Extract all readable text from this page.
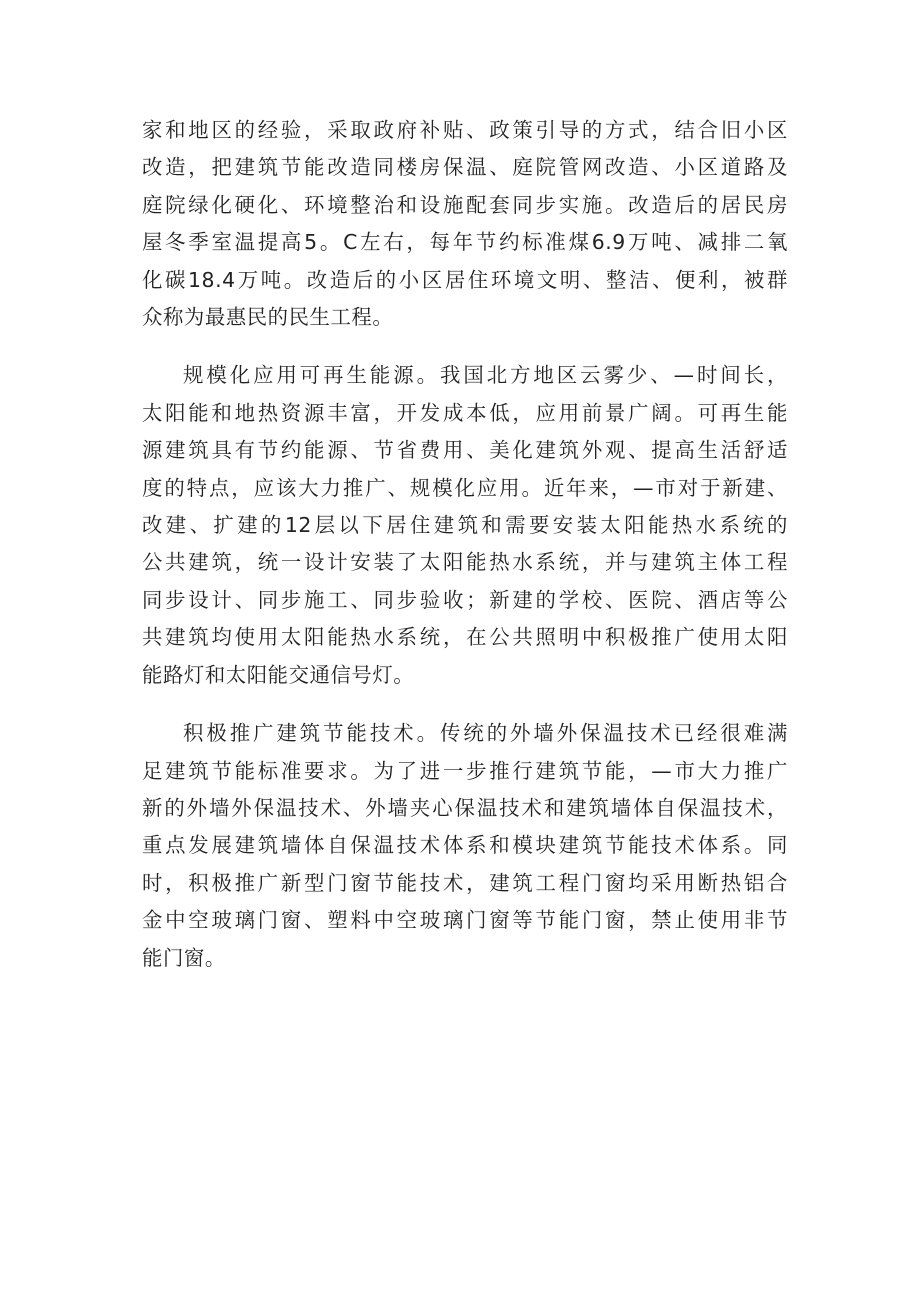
家和地区的经验，采取政府补贴、政策引导的方式，结合旧小区
改造，把建筑节能改造同楼房保温、庭院管网改造、小区道路及
庭院绿化硬化、环境整治和设施配套同步实施。改造后的居民房
屋冬季室温提高5。C左右，每年节约标准煤6.9万吨、减排二氧
化碳18.4万吨。改造后的小区居住环境文明、整洁、便利，被群
众称为最惠民的民生工程。

规模化应用可再生能源。我国北方地区云雾少、—时间长，
太阳能和地热资源丰富，开发成本低，应用前景广阔。可再生能
源建筑具有节约能源、节省费用、美化建筑外观、提高生活舒适
度的特点，应该大力推广、规模化应用。近年来，—市对于新建、
改建、扩建的12层以下居住建筑和需要安装太阳能热水系统的
公共建筑，统一设计安装了太阳能热水系统，并与建筑主体工程
同步设计、同步施工、同步验收；新建的学校、医院、酒店等公
共建筑均使用太阳能热水系统，在公共照明中积极推广使用太阳
能路灯和太阳能交通信号灯。

积极推广建筑节能技术。传统的外墙外保温技术已经很难满
足建筑节能标准要求。为了进一步推行建筑节能，—市大力推广
新的外墙外保温技术、外墙夹心保温技术和建筑墙体自保温技术，
重点发展建筑墙体自保温技术体系和模块建筑节能技术体系。同
时，积极推广新型门窗节能技术，建筑工程门窗均采用断热铝合
金中空玻璃门窗、塑料中空玻璃门窗等节能门窗，禁止使用非节
能门窗。
